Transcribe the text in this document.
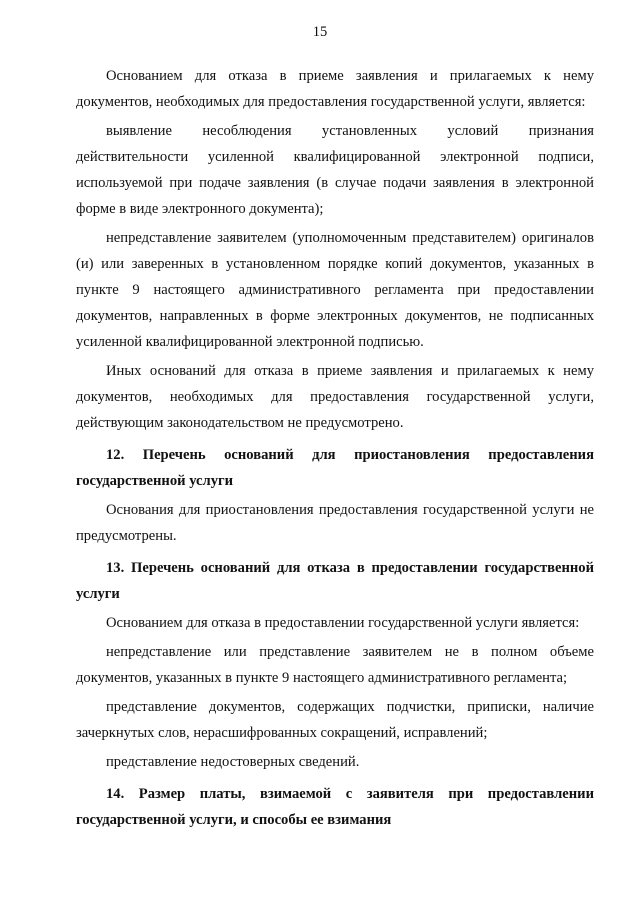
15

Основанием для отказа в приеме заявления и прилагаемых к нему документов, необходимых для предоставления государственной услуги, является:

выявление несоблюдения установленных условий признания действительности усиленной квалифицированной электронной подписи, используемой при подаче заявления (в случае подачи заявления в электронной форме в виде электронного документа);

непредставление заявителем (уполномоченным представителем) оригиналов (и) или заверенных в установленном порядке копий документов, указанных в пункте 9 настоящего административного регламента при предоставлении документов, направленных в форме электронных документов, не подписанных усиленной квалифицированной электронной подписью.

Иных оснований для отказа в приеме заявления и прилагаемых к нему документов, необходимых для предоставления государственной услуги, действующим законодательством не предусмотрено.

12. Перечень оснований для приостановления предоставления государственной услуги

Основания для приостановления предоставления государственной услуги не предусмотрены.

13. Перечень оснований для отказа в предоставлении государственной услуги

Основанием для отказа в предоставлении государственной услуги является:

непредставление или представление заявителем не в полном объеме документов, указанных в пункте 9 настоящего административного регламента;

представление документов, содержащих подчистки, приписки, наличие зачеркнутых слов, нерасшифрованных сокращений, исправлений;

представление недостоверных сведений.

14. Размер платы, взимаемой с заявителя при предоставлении государственной услуги, и способы ее взимания
